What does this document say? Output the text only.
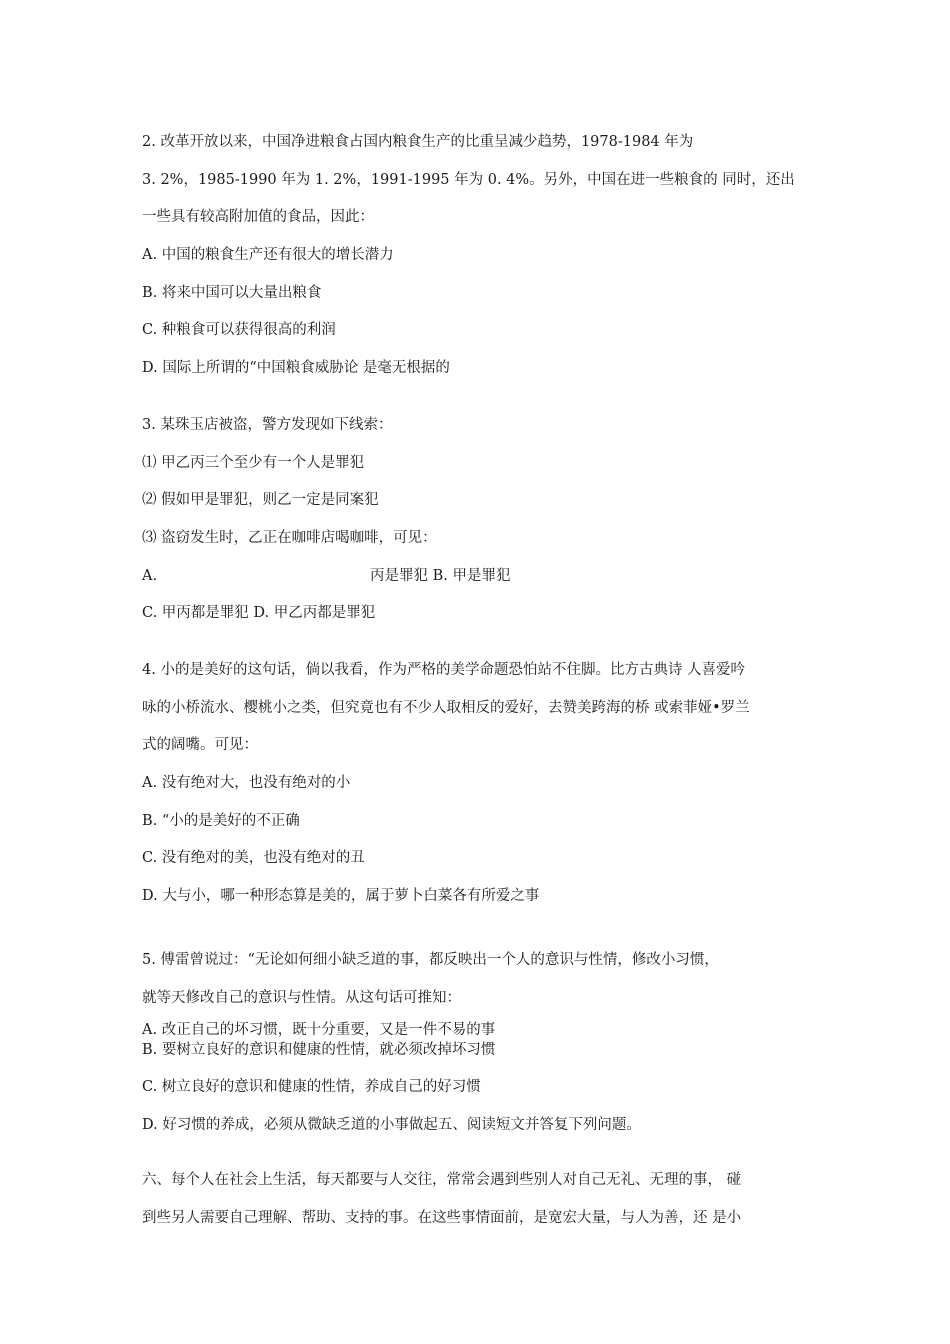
2. 改革开放以来，中国净进粮食占国内粮食生产的比重呈减少趋势，1978-1984 年为
3. 2%，1985-1990 年为 1. 2%，1991-1995 年为 0. 4%。另外，中国在进一些粮食的 同时，还出
一些具有较高附加值的食品，因此：
A. 中国的粮食生产还有很大的增长潜力
B. 将来中国可以大量出粮食
C. 种粮食可以获得很高的利润
D. 国际上所谓的“中国粮食威胁论 是毫无根据的
3. 某珠玉店被盗，警方发现如下线索：
⑴ 甲乙丙三个至少有一个人是罪犯
⑵ 假如甲是罪犯，则乙一定是同案犯
⑶ 盗窃发生时，乙正在咖啡店喝咖啡，可见：
A.	丙是罪犯 B. 甲是罪犯
C. 甲丙都是罪犯 D. 甲乙丙都是罪犯
4. 小的是美好的这句话，倘以我看，作为严格的美学命题恐怕站不住脚。比方古典诗 人喜爱吟
咏的小桥流水、樱桃小之类，但究竟也有不少人取相反的爱好，去赞美跨海的桥 或索菲娅•罗兰
式的阔嘴。可见：
A. 没有绝对大，也没有绝对的小
B. “小的是美好的不正确
C. 没有绝对的美，也没有绝对的丑
D. 大与小，哪一种形态算是美的，属于萝卜白菜各有所爱之事
5. 傅雷曾说过：“无论如何细小缺乏道的事，都反映出一个人的意识与性情，修改小习惯，
就等天修改自己的意识与性情。从这句话可推知：
A. 改正自己的坏习惯，既十分重要，又是一件不易的事
B. 要树立良好的意识和健康的性情，就必须改掉坏习惯
C. 树立良好的意识和健康的性情，养成自己的好习惯
D. 好习惯的养成，必须从微缺乏道的小事做起五、阅读短文并答复下列问题。
六、每个人在社会上生活，每天都要与人交往，常常会遇到些别人对自己无礼、无理的事， 碰
到些另人需要自己理解、帮助、支持的事。在这些事情面前，是宽宏大量，与人为善，还 是小
